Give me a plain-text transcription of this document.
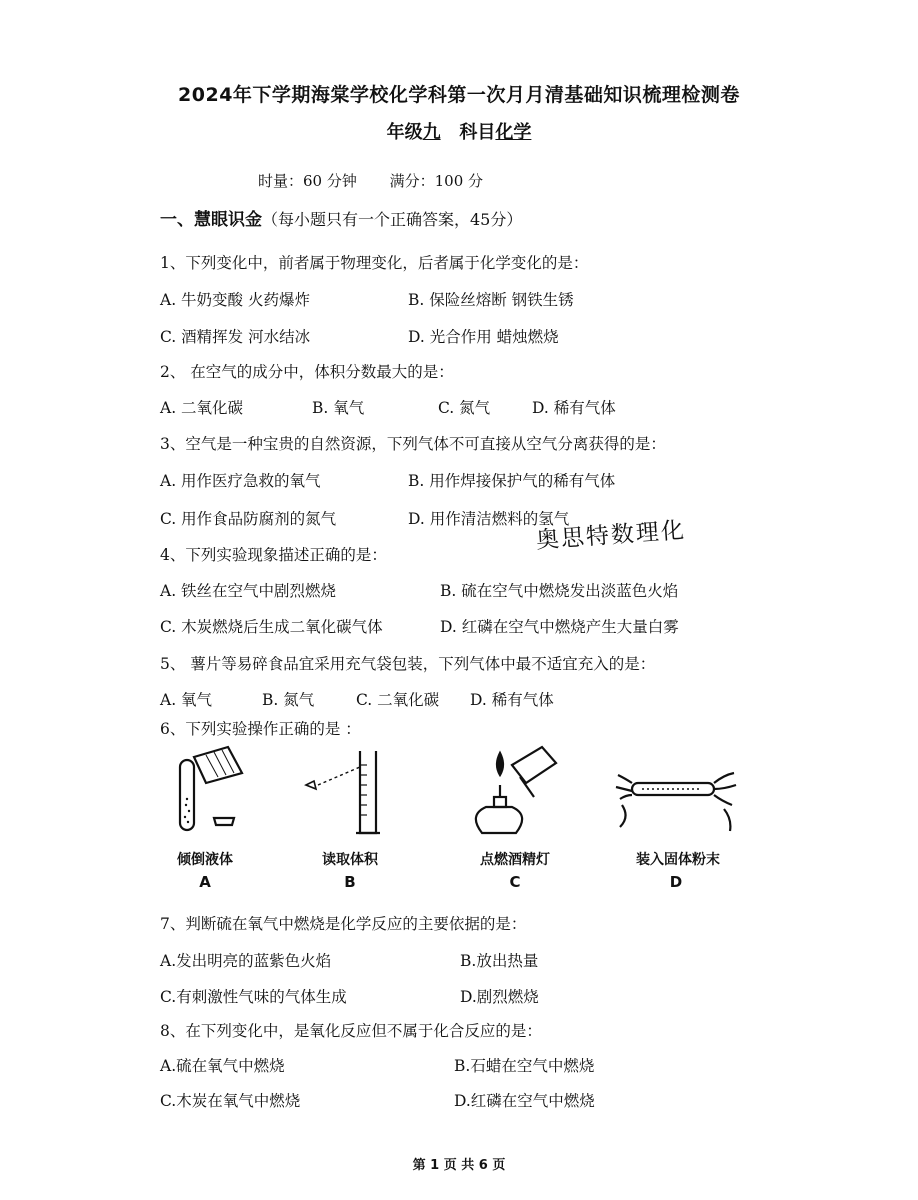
2024年下学期海棠学校化学科第一次月月清基础知识梳理检测卷
年级九 科目化学
时量：60 分钟 满分：100 分
一、慧眼识金（每小题只有一个正确答案，45分）
1、下列变化中，前者属于物理变化，后者属于化学变化的是：
A. 牛奶变酸 火药爆炸	B. 保险丝熔断 钢铁生锈
C. 酒精挥发 河水结冰	D. 光合作用 蜡烛燃烧
2、 在空气的成分中，体积分数最大的是：
A. 二氧化碳	B. 氧气	C. 氮气	D. 稀有气体
3、空气是一种宝贵的自然资源，下列气体不可直接从空气分离获得的是：
A. 用作医疗急救的氧气	B. 用作焊接保护气的稀有气体
C. 用作食品防腐剂的氮气	D. 用作清洁燃料的氢气
奥思特数理化
4、下列实验现象描述正确的是：
A. 铁丝在空气中剧烈燃烧	B. 硫在空气中燃烧发出淡蓝色火焰
C. 木炭燃烧后生成二氧化碳气体	D. 红磷在空气中燃烧产生大量白雾
5、 薯片等易碎食品宜采用充气袋包装，下列气体中最不适宜充入的是：
A. 氧气	B. 氮气	C. 二氧化碳 D. 稀有气体
6、下列实验操作正确的是 ：
倾倒液体
A
读取体积
B
点燃酒精灯
C
装入固体粉末
D
7、判断硫在氧气中燃烧是化学反应的主要依据的是：
A.发出明亮的蓝紫色火焰	B.放出热量
C.有刺激性气味的气体生成	D.剧烈燃烧
8、在下列变化中，是氧化反应但不属于化合反应的是：
A.硫在氧气中燃烧	B.石蜡在空气中燃烧
C.木炭在氧气中燃烧	D.红磷在空气中燃烧
第 1 页 共 6 页
